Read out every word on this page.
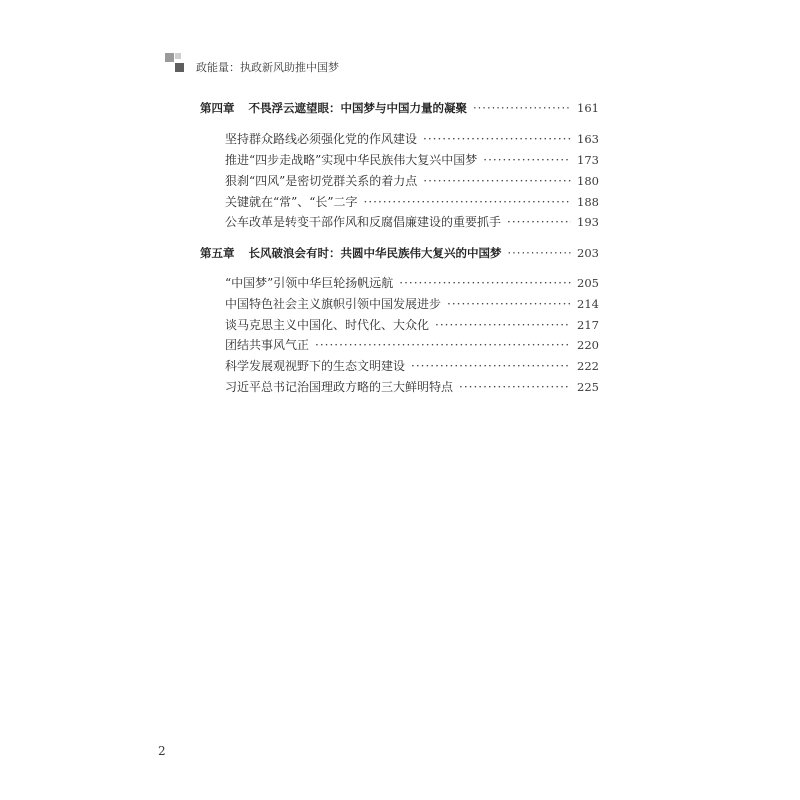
政能量：执政新风助推中国梦
第四章 不畏浮云遮望眼：中国梦与中国力量的凝聚 ·····	161
坚持群众路线必须强化党的作风建设 ·····	163
推进“四步走战略”实现中华民族伟大复兴中国梦 ·····	173
狠刹“四风”是密切党群关系的着力点 ·····	180
关键就在“常”、“长”二字 ·····	188
公车改革是转变干部作风和反腐倡廉建设的重要抓手 ·····	193
第五章 长风破浪会有时：共圆中华民族伟大复兴的中国梦 ·····	203
“中国梦”引领中华巨轮扬帆远航 ·····	205
中国特色社会主义旗帜引领中国发展进步 ·····	214
谈马克思主义中国化、时代化、大众化 ·····	217
团结共事风气正 ·····	220
科学发展观视野下的生态文明建设 ·····	222
习近平总书记治国理政方略的三大鲜明特点 ·····	225
2
